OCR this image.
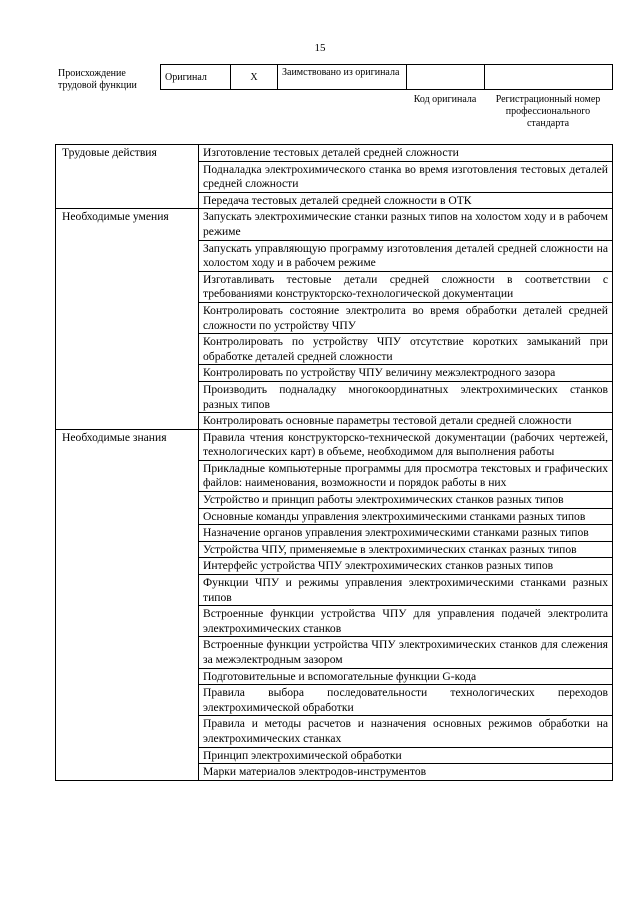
15
Происхождение трудовой функции
Оригинал	X	Заимствовано из оригинала		
Код оригинала	Регистрационный номер профессионального стандарта
Трудовые действия	Изготовление тестовых деталей средней сложности
	Подналадка электрохимического станка во время изготовления тестовых деталей средней сложности
	Передача тестовых деталей средней сложности в ОТК
Необходимые умения	Запускать электрохимические станки разных типов на холостом ходу и в рабочем режиме
	Запускать управляющую программу изготовления деталей средней сложности на холостом ходу и в рабочем режиме
	Изготавливать тестовые детали средней сложности в соответствии с требованиями конструкторско-технологической документации
	Контролировать состояние электролита во время обработки деталей средней сложности по устройству ЧПУ
	Контролировать по устройству ЧПУ отсутствие коротких замыканий при обработке деталей средней сложности
	Контролировать по устройству ЧПУ величину межэлектродного зазора
	Производить подналадку многокоординатных электрохимических станков разных типов
	Контролировать основные параметры тестовой детали средней сложности
Необходимые знания	Правила чтения конструкторско-технической документации (рабочих чертежей, технологических карт) в объеме, необходимом для выполнения работы
	Прикладные компьютерные программы для просмотра текстовых и графических файлов: наименования, возможности и порядок работы в них
	Устройство и принцип работы электрохимических станков разных типов
	Основные команды управления электрохимическими станками разных типов
	Назначение органов управления электрохимическими станками разных типов
	Устройства ЧПУ, применяемые в электрохимических станках разных типов
	Интерфейс устройства ЧПУ электрохимических станков разных типов
	Функции ЧПУ и режимы управления электрохимическими станками разных типов
	Встроенные функции устройства ЧПУ для управления подачей электролита электрохимических станков
	Встроенные функции устройства ЧПУ электрохимических станков для слежения за межэлектродным зазором
	Подготовительные и вспомогательные функции G-кода
	Правила выбора последовательности технологических переходов электрохимической обработки
	Правила и методы расчетов и назначения основных режимов обработки на электрохимических станках
	Принцип электрохимической обработки
	Марки материалов электродов-инструментов
